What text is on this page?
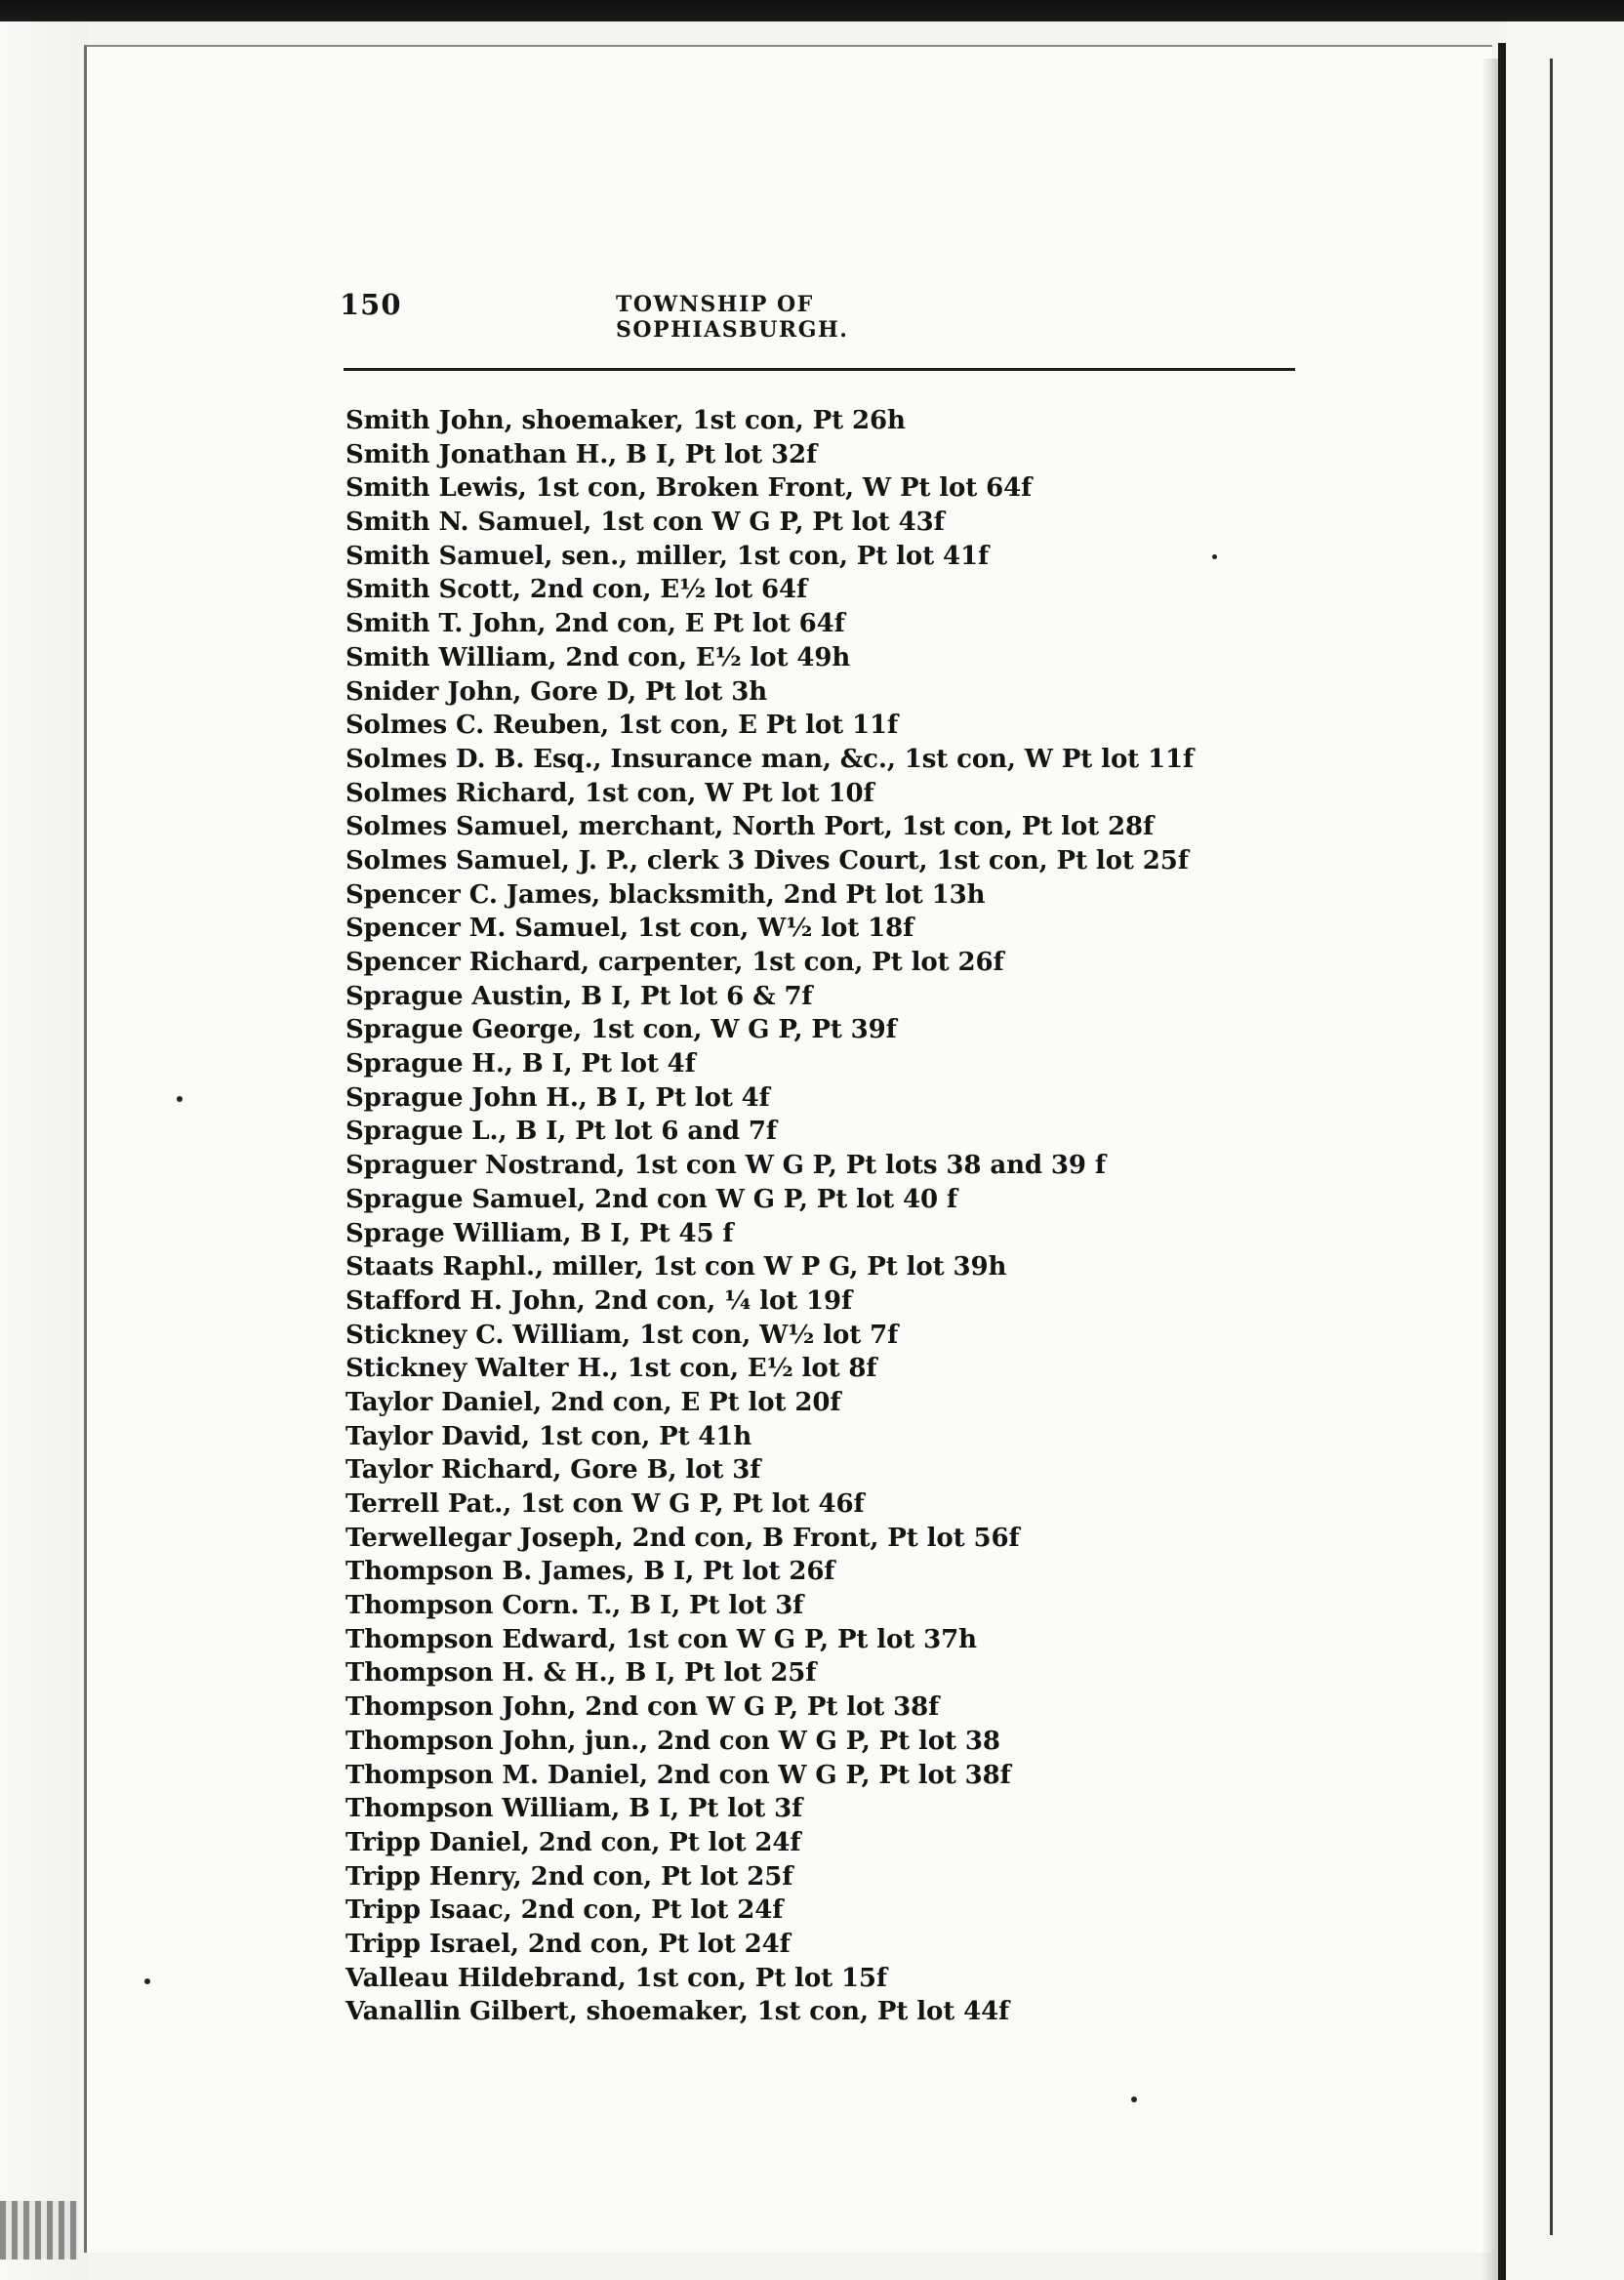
150	TOWNSHIP OF SOPHIASBURGH.
Smith John, shoemaker, 1st con, Pt 26h
Smith Jonathan H., B I, Pt lot 32f
Smith Lewis, 1st con, Broken Front, W Pt lot 64f
Smith N. Samuel, 1st con W G P, Pt lot 43f
Smith Samuel, sen., miller, 1st con, Pt lot 41f
Smith Scott, 2nd con, E½ lot 64f
Smith T. John, 2nd con, E Pt lot 64f
Smith William, 2nd con, E½ lot 49h
Snider John, Gore D, Pt lot 3h
Solmes C. Reuben, 1st con, E Pt lot 11f
Solmes D. B. Esq., Insurance man, &c., 1st con, W Pt lot 11f
Solmes Richard, 1st con, W Pt lot 10f
Solmes Samuel, merchant, North Port, 1st con, Pt lot 28f
Solmes Samuel, J. P., clerk 3 Dives Court, 1st con, Pt lot 25f
Spencer C. James, blacksmith, 2nd Pt lot 13h
Spencer M. Samuel, 1st con, W½ lot 18f
Spencer Richard, carpenter, 1st con, Pt lot 26f
Sprague Austin, B I, Pt lot 6 & 7f
Sprague George, 1st con, W G P, Pt 39f
Sprague H., B I, Pt lot 4f
Sprague John H., B I, Pt lot 4f
Sprague L., B I, Pt lot 6 and 7f
Spraguer Nostrand, 1st con W G P, Pt lots 38 and 39 f
Sprague Samuel, 2nd con W G P, Pt lot 40 f
Sprage William, B I, Pt 45 f
Staats Raphl., miller, 1st con W P G, Pt lot 39h
Stafford H. John, 2nd con, ¼ lot 19f
Stickney C. William, 1st con, W½ lot 7f
Stickney Walter H., 1st con, E½ lot 8f
Taylor Daniel, 2nd con, E Pt lot 20f
Taylor David, 1st con, Pt 41h
Taylor Richard, Gore B, lot 3f
Terrell Pat., 1st con W G P, Pt lot 46f
Terwellegar Joseph, 2nd con, B Front, Pt lot 56f
Thompson B. James, B I, Pt lot 26f
Thompson Corn. T., B I, Pt lot 3f
Thompson Edward, 1st con W G P, Pt lot 37h
Thompson H. & H., B I, Pt lot 25f
Thompson John, 2nd con W G P, Pt lot 38f
Thompson John, jun., 2nd con W G P, Pt lot 38
Thompson M. Daniel, 2nd con W G P, Pt lot 38f
Thompson William, B I, Pt lot 3f
Tripp Daniel, 2nd con, Pt lot 24f
Tripp Henry, 2nd con, Pt lot 25f
Tripp Isaac, 2nd con, Pt lot 24f
Tripp Israel, 2nd con, Pt lot 24f
Valleau Hildebrand, 1st con, Pt lot 15f
Vanallin Gilbert, shoemaker, 1st con, Pt lot 44f
